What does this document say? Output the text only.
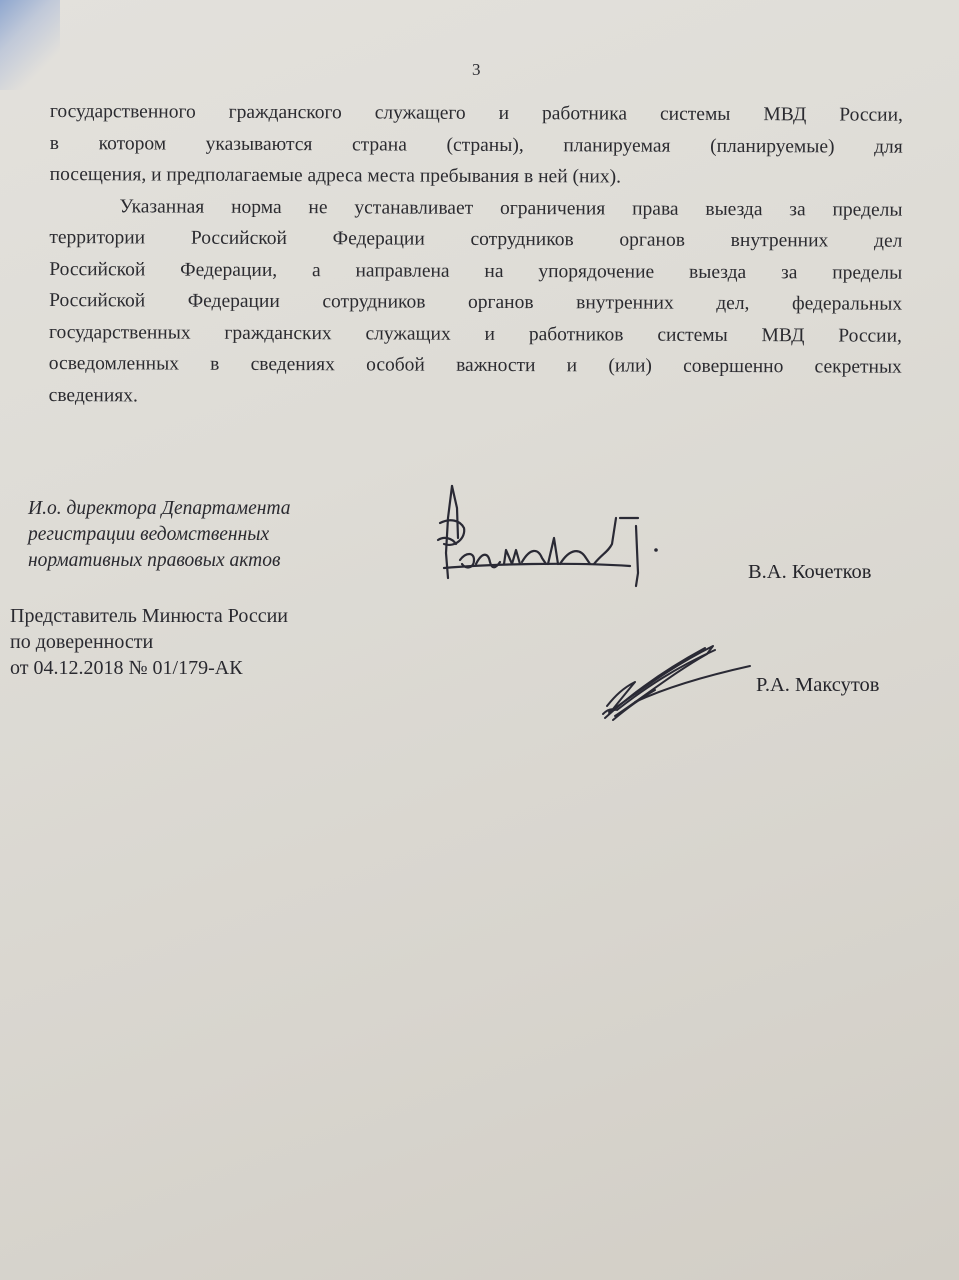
3
государственного гражданского служащего и работника системы МВД России,
в котором указываются страна (страны), планируемая (планируемые) для
посещения, и предполагаемые адреса места пребывания в ней (них).
Указанная норма не устанавливает ограничения права выезда за пределы
территории Российской Федерации сотрудников органов внутренних дел
Российской Федерации, а направлена на упорядочение выезда за пределы
Российской Федерации сотрудников органов внутренних дел, федеральных
государственных гражданских служащих и работников системы МВД России,
осведомленных в сведениях особой важности и (или) совершенно секретных
сведениях.
И.о. директора Департамента
регистрации ведомственных
нормативных правовых актов
В.А. Кочетков
Представитель Минюста России
по доверенности
от 04.12.2018 № 01/179-АК
Р.А. Максутов
